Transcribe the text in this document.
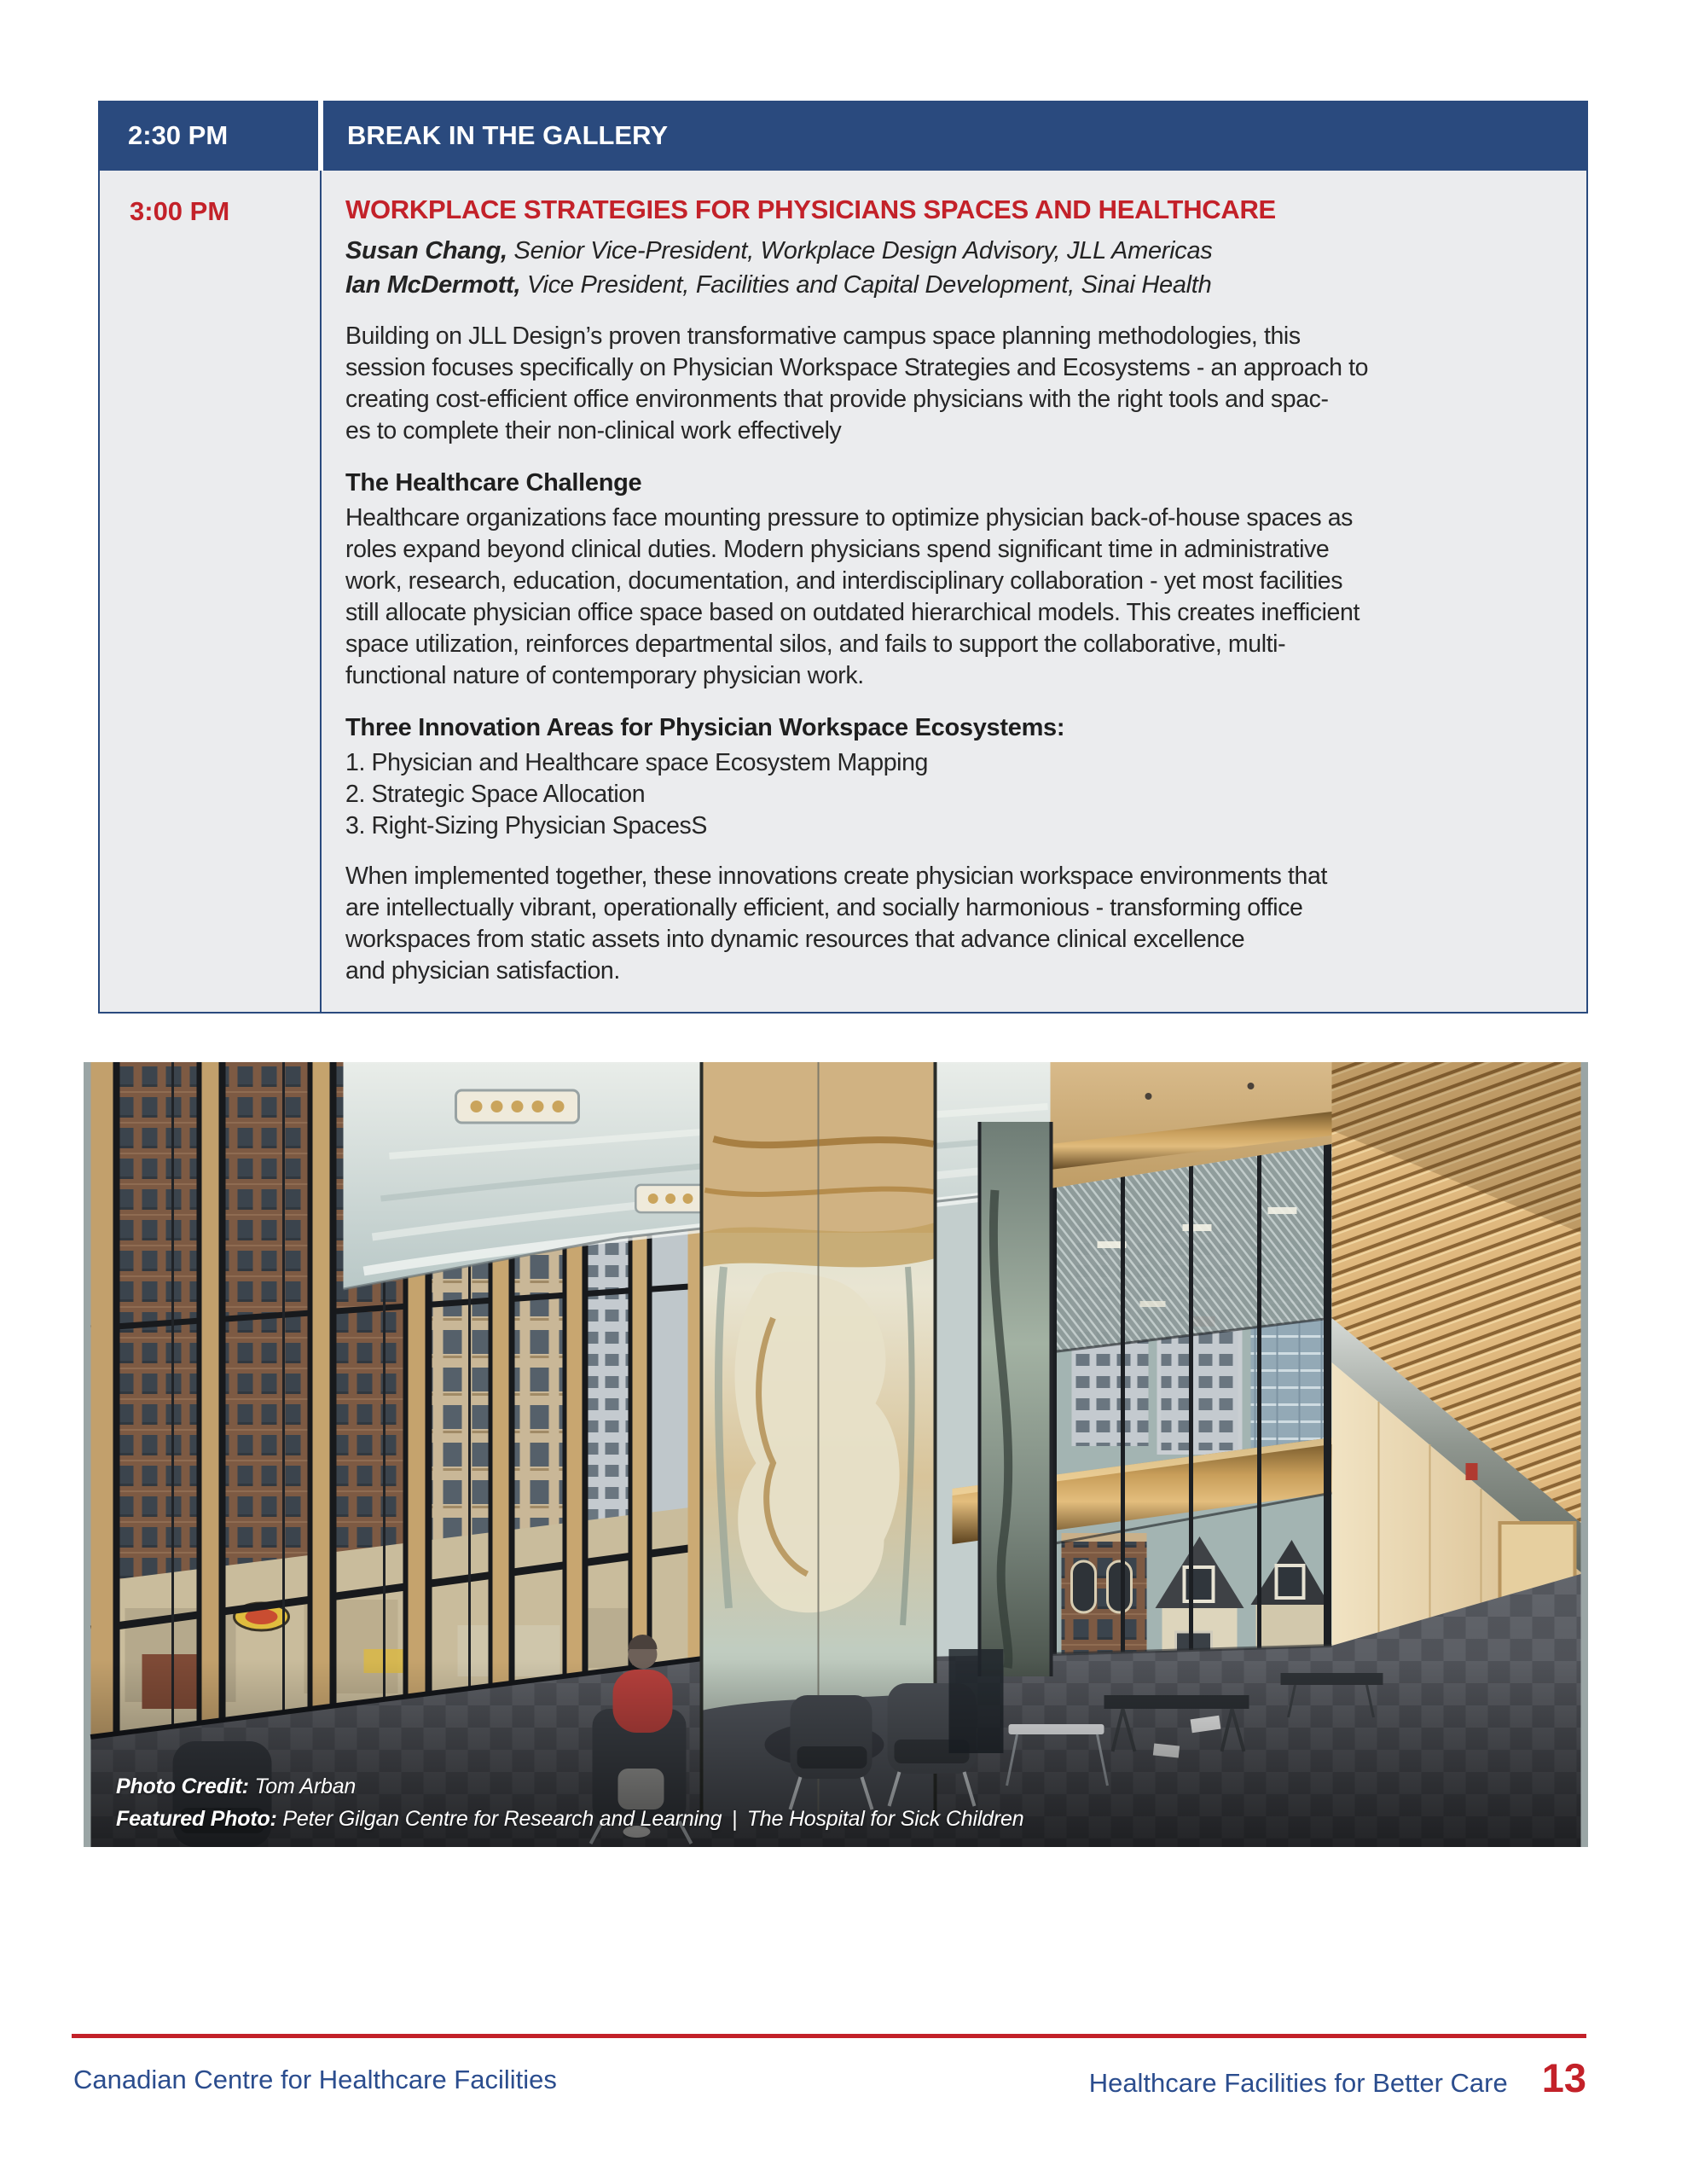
2:30 PM	BREAK IN THE GALLERY
3:00 PM	WORKPLACE STRATEGIES FOR PHYSICIANS SPACES AND HEALTHCARE
Susan Chang, Senior Vice-President, Workplace Design Advisory, JLL Americas
Ian McDermott, Vice President, Facilities and Capital Development, Sinai Health
Building on JLL Design’s proven transformative campus space planning methodologies, this
session focuses specifically on Physician Workspace Strategies and Ecosystems - an approach to
creating cost-efficient office environments that provide physicians with the right tools and spac-
es to complete their non-clinical work effectively
The Healthcare Challenge
Healthcare organizations face mounting pressure to optimize physician back-of-house spaces as
roles expand beyond clinical duties. Modern physicians spend significant time in administrative
work, research, education, documentation, and interdisciplinary collaboration - yet most facilities
still allocate physician office space based on outdated hierarchical models. This creates inefficient
space utilization, reinforces departmental silos, and fails to support the collaborative, multi-
functional nature of contemporary physician work.
Three Innovation Areas for Physician Workspace Ecosystems:
1. Physician and Healthcare space Ecosystem Mapping
2. Strategic Space Allocation
3. Right-Sizing Physician SpacesS
When implemented together, these innovations create physician workspace environments that
are intellectually vibrant, operationally efficient, and socially harmonious - transforming office
workspaces from static assets into dynamic resources that advance clinical excellence
and physician satisfaction.
Photo Credit: Tom Arban
Featured Photo: Peter Gilgan Centre for Research and Learning  |  The Hospital for Sick Children
Canadian Centre for Healthcare Facilities	Healthcare Facilities for Better Care 13
